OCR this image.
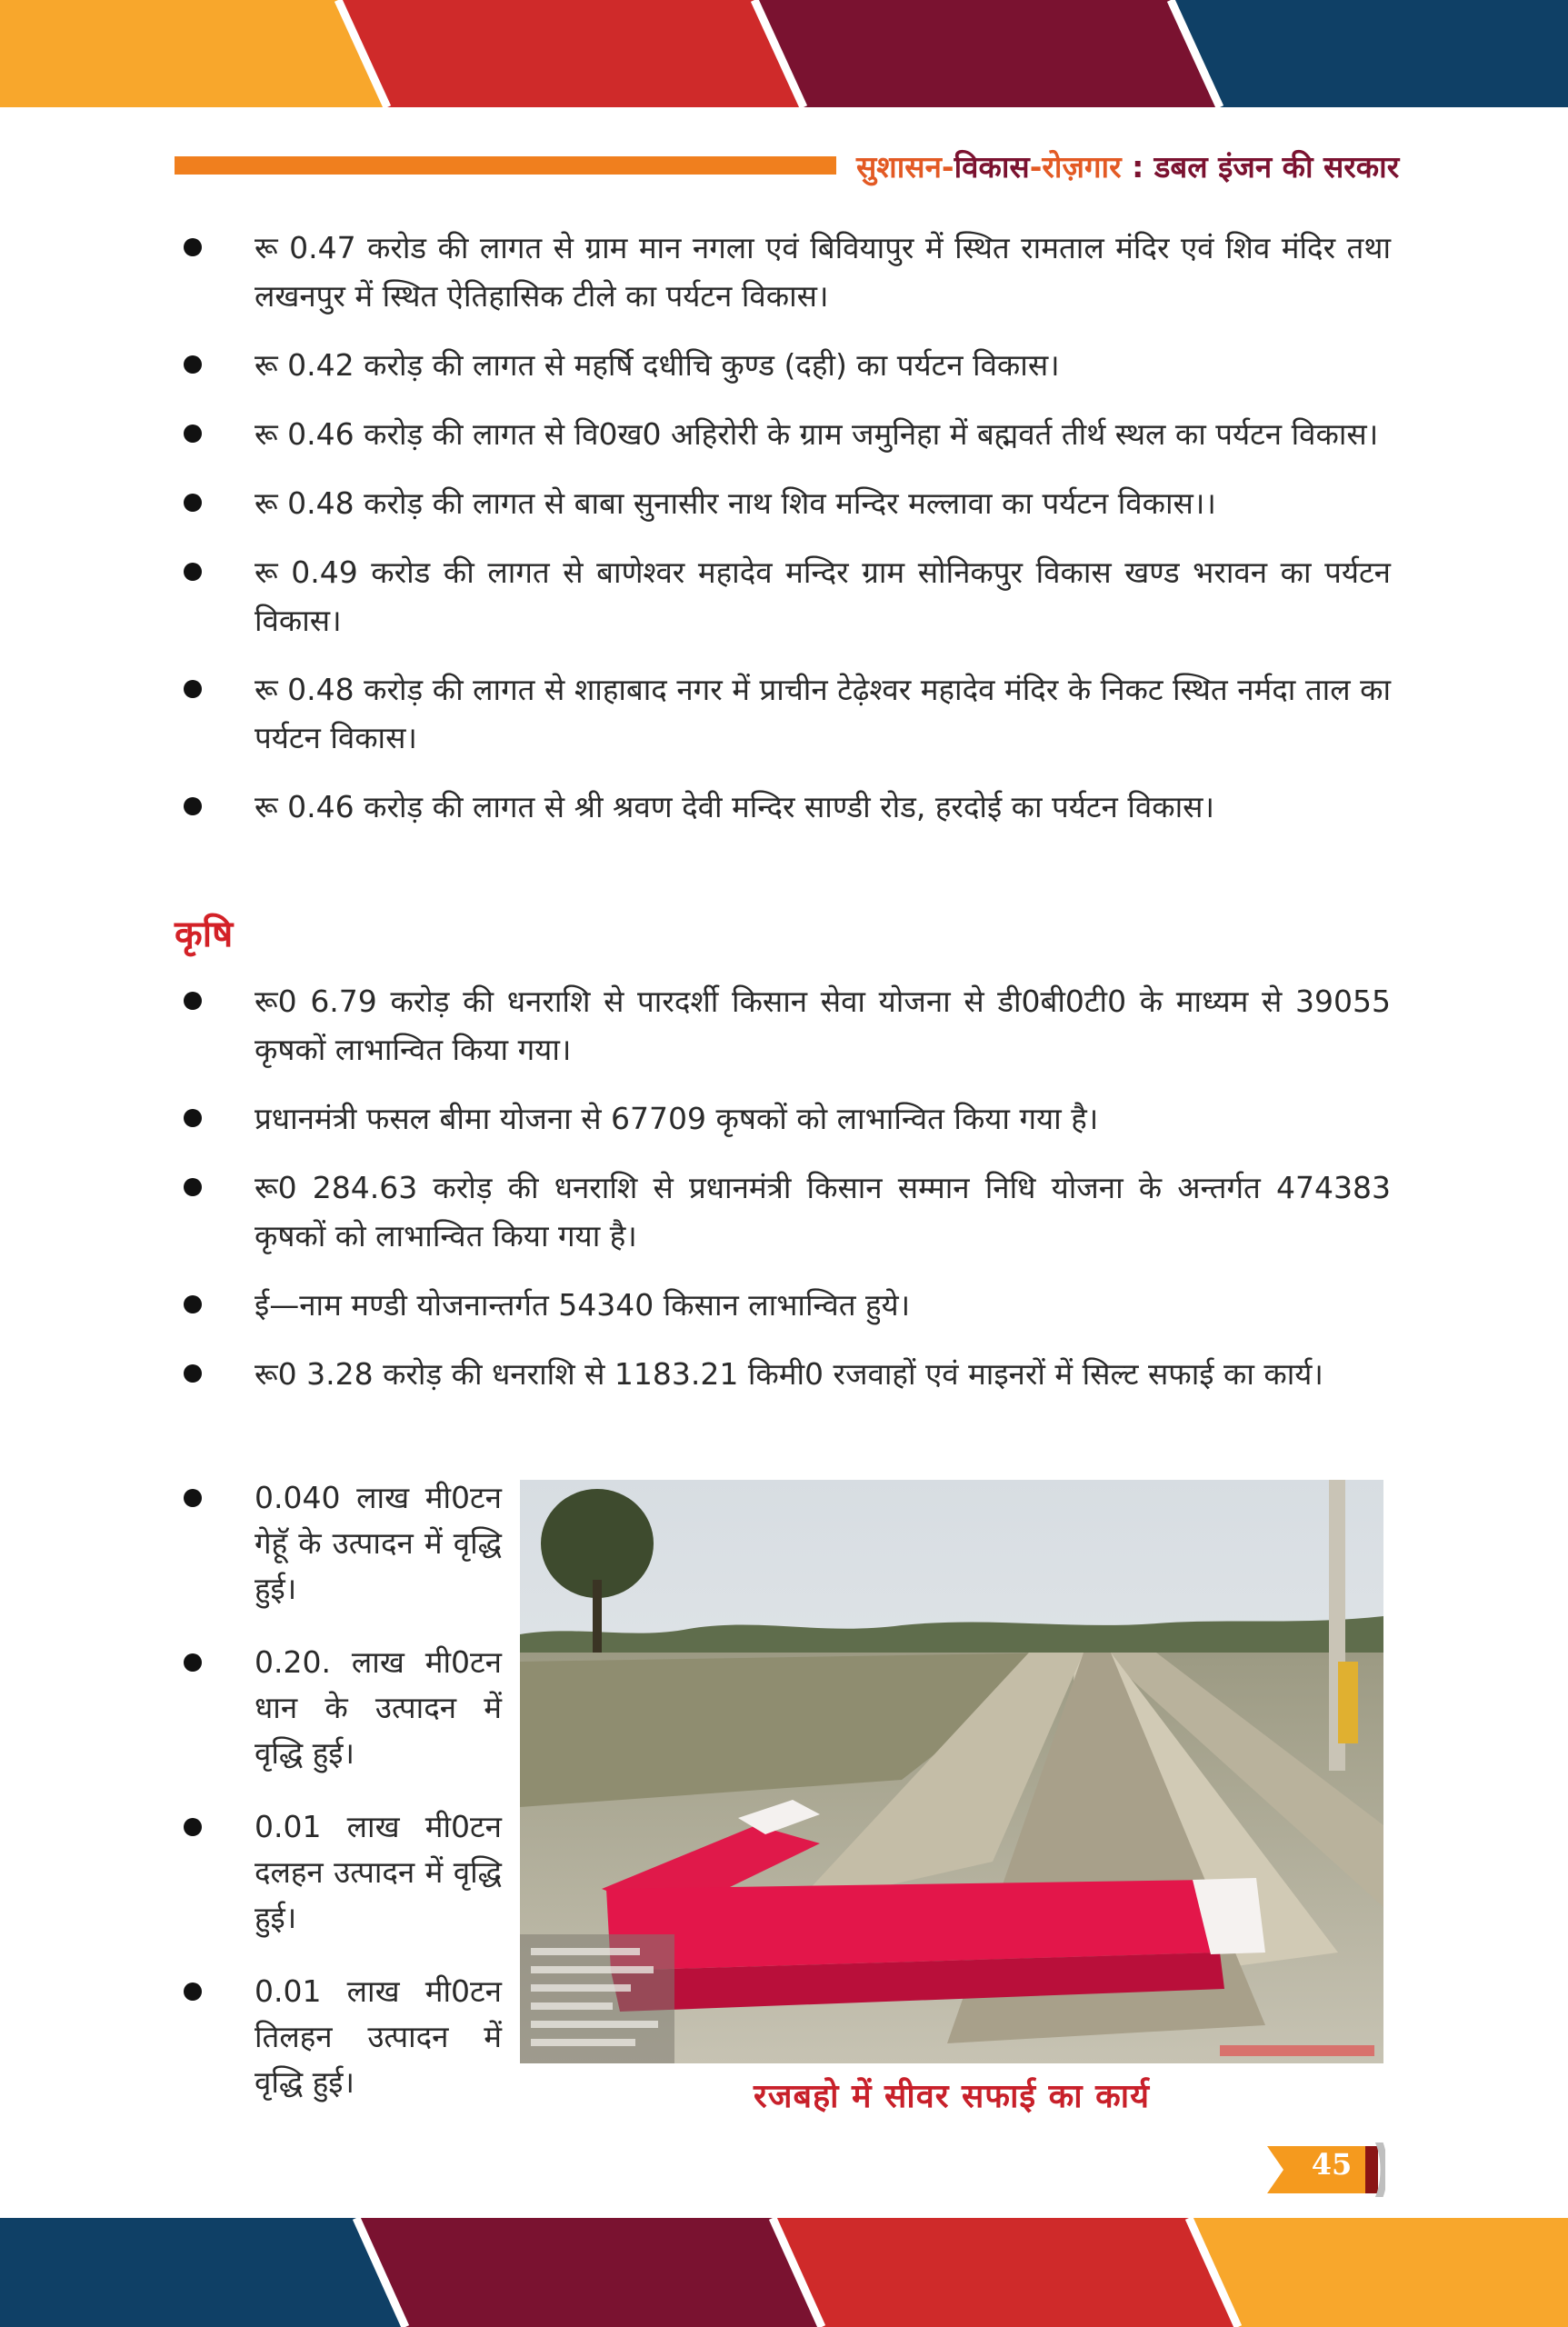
सुशासन-विकास-रोज़गार : डबल इंजन की सरकार
रू 0.47 करोड की लागत से ग्राम मान नगला एवं बिवियापुर में स्थित रामताल मंदिर एवं शिव मंदिर तथा लखनपुर में स्थित ऐतिहासिक टीले का पर्यटन विकास।
रू 0.42 करोड़ की लागत से महर्षि दधीचि कुण्ड (दही) का पर्यटन विकास।
रू 0.46 करोड़ की लागत से वि0ख0 अहिरोरी के ग्राम जमुनिहा में बह्मवर्त तीर्थ स्थल का पर्यटन विकास।
रू 0.48 करोड़ की लागत से बाबा सुनासीर नाथ शिव मन्दिर मल्लावा का पर्यटन विकास।।
रू 0.49 करोड की लागत से बाणेश्वर महादेव मन्दिर ग्राम सोनिकपुर विकास खण्ड भरावन का पर्यटन विकास।
रू 0.48 करोड़ की लागत से शाहाबाद नगर में प्राचीन टेढ़ेश्वर महादेव मंदिर के निकट स्थित नर्मदा ताल का पर्यटन विकास।
रू 0.46 करोड़ की लागत से श्री श्रवण देवी मन्दिर साण्डी रोड, हरदोई का पर्यटन विकास।
कृषि
रू0 6.79 करोड़ की धनराशि से पारदर्शी किसान सेवा योजना से डी0बी0टी0 के माध्यम से 39055 कृषकों लाभान्वित किया गया।
प्रधानमंत्री फसल बीमा योजना से 67709 कृषकों को लाभान्वित किया गया है।
रू0 284.63 करोड़ की धनराशि से प्रधानमंत्री किसान सम्मान निधि योजना के अन्तर्गत 474383 कृषकों को लाभान्वित किया गया है।
ई—नाम मण्डी योजनान्तर्गत 54340 किसान लाभान्वित हुये।
रू0 3.28 करोड़ की धनराशि से 1183.21 किमी0 रजवाहों एवं माइनरों में सिल्ट सफाई का कार्य।
0.040 लाख मी0टन गेहूॅ के उत्पादन में वृद्धि हुई।
0.20. लाख मी0टन धान के उत्पादन में वृद्धि हुई।
0.01 लाख मी0टन दलहन उत्पादन में वृद्धि हुई।
0.01 लाख मी0टन तिलहन उत्पादन में वृद्धि हुई।	रजबहो में सीवर सफाई का कार्य
45
